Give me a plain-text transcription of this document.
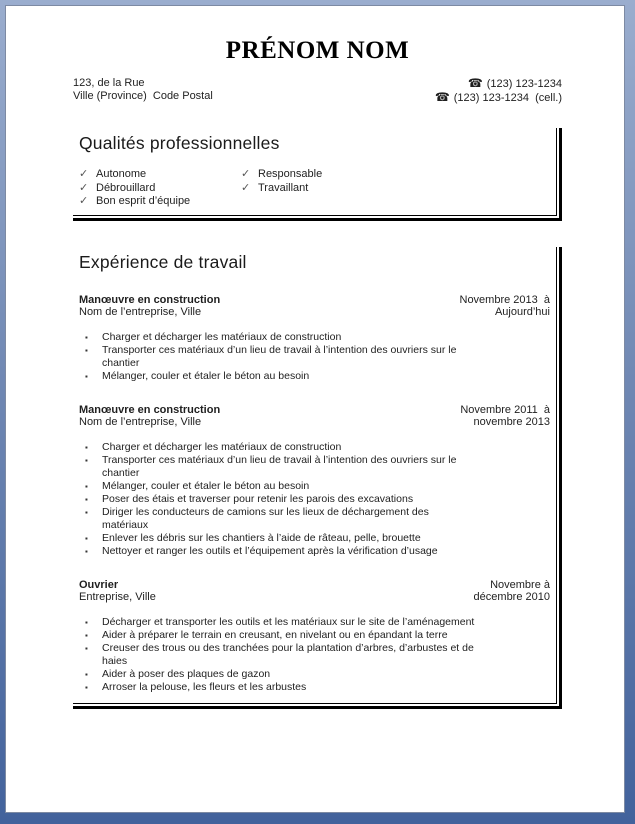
PRÉNOM NOM
123, de la Rue
Ville (Province)  Code Postal
☎ (123) 123-1234
☎ (123) 123-1234  (cell.)
Qualités professionnelles
✓ Autonome
✓ Débrouillard
✓ Bon esprit d’équipe
✓ Responsable
✓ Travaillant
Expérience de travail
Manœuvre en construction
Nom de l’entreprise, Ville
Novembre 2013  à
Aujourd’hui
▪ Charger et décharger les matériaux de construction
▪ Transporter ces matériaux d’un lieu de travail à l’intention des ouvriers sur le chantier
▪ Mélanger, couler et étaler le béton au besoin
Manœuvre en construction
Nom de l’entreprise, Ville
Novembre 2011  à
novembre 2013
▪ Charger et décharger les matériaux de construction
▪ Transporter ces matériaux d’un lieu de travail à l’intention des ouvriers sur le chantier
▪ Mélanger, couler et étaler le béton au besoin
▪ Poser des étais et traverser pour retenir les parois des excavations
▪ Diriger les conducteurs de camions sur les lieux de déchargement des matériaux
▪ Enlever les débris sur les chantiers à l’aide de râteau, pelle, brouette
▪ Nettoyer et ranger les outils et l’équipement après la vérification d’usage
Ouvrier
Entreprise, Ville
Novembre à
décembre 2010
▪ Décharger et transporter les outils et les matériaux sur le site de l’aménagement
▪ Aider à préparer le terrain en creusant, en nivelant ou en épandant la terre
▪ Creuser des trous ou des tranchées pour la plantation d’arbres, d’arbustes et de haies
▪ Aider à poser des plaques de gazon
▪ Arroser la pelouse, les fleurs et les arbustes
